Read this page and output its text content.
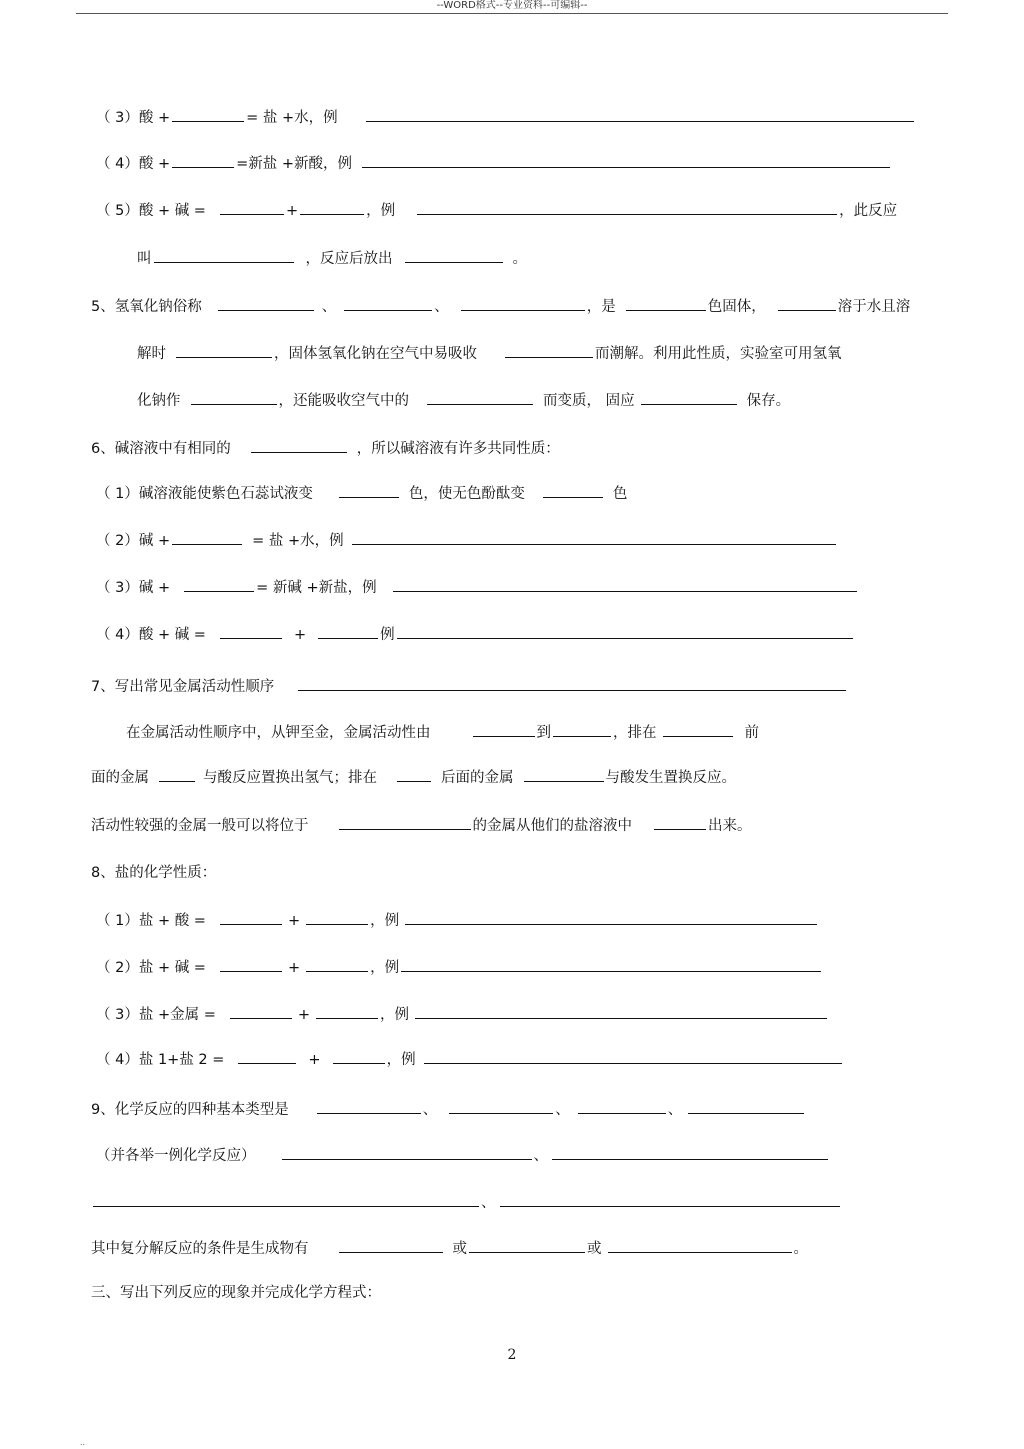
--WORD格式--专业资料--可编辑--
（ 3）酸 +	= 盐 +水，例
（ 4）酸 +	=新盐 +新酸，例
（ 5）酸 + 碱 =	+	，例	，此反应
叫	，反应后放出	。
5、氢氧化钠俗称	、	、	，是	色固体，	溶于水且溶
解时	，固体氢氧化钠在空气中易吸收	而潮解。利用此性质，实验室可用氢氧
化钠作	，还能吸收空气中的	而变质， 固应	保存。
6、碱溶液中有相同的	，所以碱溶液有许多共同性质：
（ 1）碱溶液能使紫色石蕊试液变	色，使无色酚酞变	色
（ 2）碱 +	= 盐 +水，例
（ 3）碱 +	= 新碱 +新盐，例
（ 4）酸 + 碱 =	+	例
7、写出常见金属活动性顺序
在金属活动性顺序中，从钾至金，金属活动性由	到	，排在	前
面的金属	与酸反应置换出氢气；排在	后面的金属	与酸发生置换反应。
活动性较强的金属一般可以将位于	的金属从他们的盐溶液中	出来。
8、盐的化学性质：
（ 1）盐 + 酸 =	+	，例
（ 2）盐 + 碱 =	+	，例
（ 3）盐 +金属 =	+	，例
（ 4）盐 1+盐 2 =	+	，例
9、化学反应的四种基本类型是	、	、	、
（并各举一例化学反应）	、
、
其中复分解反应的条件是生成物有	或	或	。
三、写出下列反应的现象并完成化学方程式：
2
..
